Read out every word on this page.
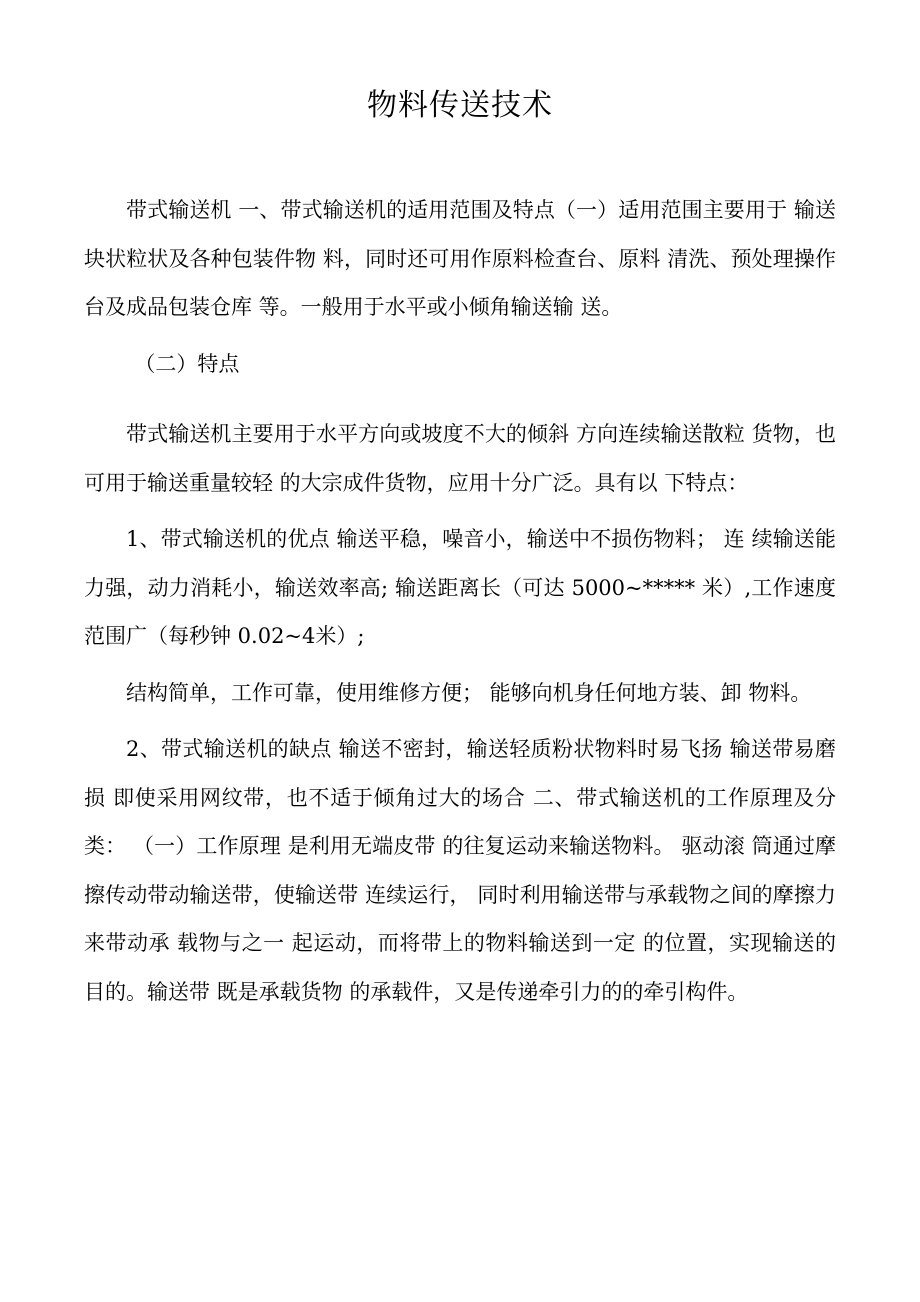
物料传送技术

带式输送机 一、带式输送机的适用范围及特点（一）适用范围主要用于 输送块状粒状及各种包装件物 料，同时还可用作原料检查台、原料 清洗、预处理操作台及成品包装仓库 等。一般用于水平或小倾角输送输 送。

（二）特点

带式输送机主要用于水平方向或坡度不大的倾斜 方向连续输送散粒 货物，也可用于输送重量较轻 的大宗成件货物，应用十分广泛。具有以 下特点：

1、带式输送机的优点 输送平稳，噪音小，输送中不损伤物料； 连 续输送能力强，动力消耗小，输送效率高; 输送距离长（可达 5000~***** 米）,工作速度范围广（每秒钟 0.02~4米）;

结构简单，工作可靠，使用维修方便； 能够向机身任何地方装、卸 物料。

2、带式输送机的缺点 输送不密封，输送轻质粉状物料时易飞扬 输送带易磨损 即使采用网纹带，也不适于倾角过大的场合 二、带式输送机的工作原理及分类： （一）工作原理 是利用无端皮带 的往复运动来输送物料。 驱动滚 筒通过摩擦传动带动输送带，使输送带 连续运行， 同时利用输送带与承载物之间的摩擦力来带动承 载物与之一 起运动，而将带上的物料输送到一定 的位置，实现输送的目的。输送带 既是承载货物 的承载件，又是传递牵引力的的牵引构件。
